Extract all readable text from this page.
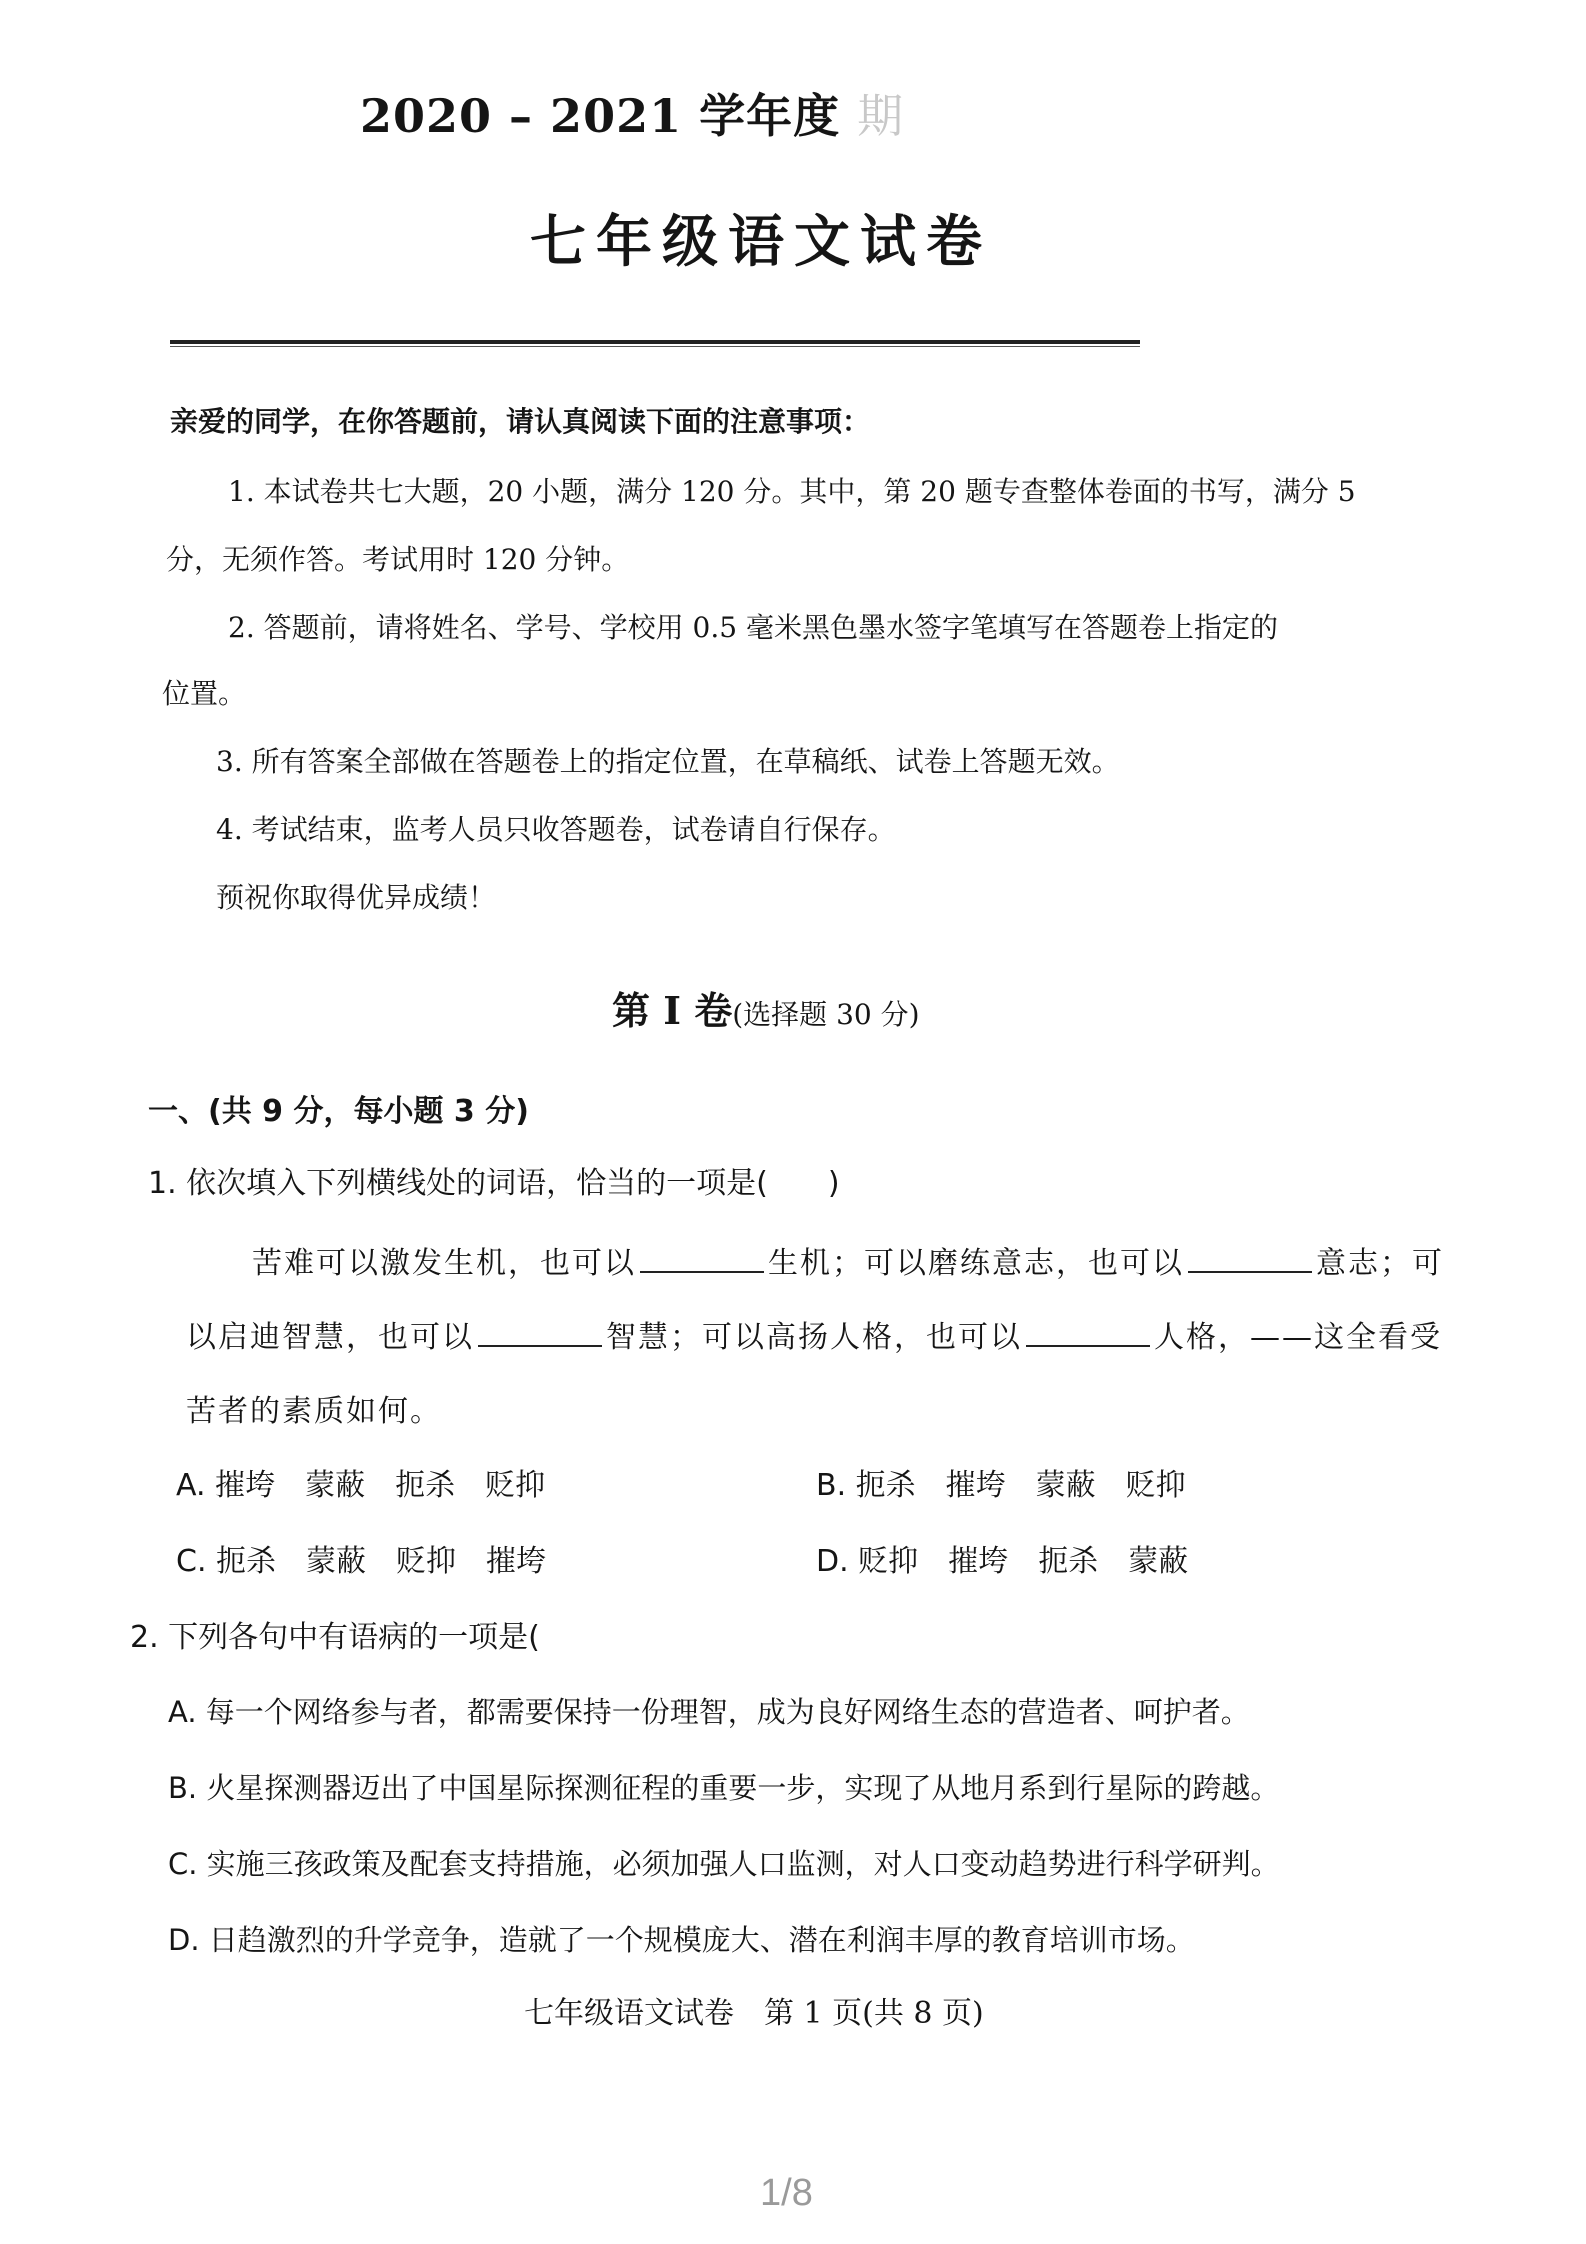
2020 – 2021 学年度 期
七年级语文试卷
亲爱的同学，在你答题前，请认真阅读下面的注意事项：
1. 本试卷共七大题，20 小题，满分 120 分。其中，第 20 题专查整体卷面的书写，满分 5
分，无须作答。考试用时 120 分钟。
2. 答题前，请将姓名、学号、学校用 0.5 毫米黑色墨水签字笔填写在答题卷上指定的
位置。
3. 所有答案全部做在答题卷上的指定位置，在草稿纸、试卷上答题无效。
4. 考试结束，监考人员只收答题卷，试卷请自行保存。
预祝你取得优异成绩！
第 I 卷(选择题 30 分)
一、(共 9 分，每小题 3 分)
1. 依次填入下列横线处的词语，恰当的一项是(　　)
苦难可以激发生机，也可以	生机；可以磨练意志，也可以	意志；可
以启迪智慧，也可以	智慧；可以高扬人格，也可以	人格，——这全看受
苦者的素质如何。
A. 摧垮 蒙蔽 扼杀 贬抑	B. 扼杀 摧垮 蒙蔽 贬抑
C. 扼杀 蒙蔽 贬抑 摧垮	D. 贬抑 摧垮 扼杀 蒙蔽
2. 下列各句中有语病的一项是(
A. 每一个网络参与者，都需要保持一份理智，成为良好网络生态的营造者、呵护者。
B. 火星探测器迈出了中国星际探测征程的重要一步，实现了从地月系到行星际的跨越。
C. 实施三孩政策及配套支持措施，必须加强人口监测，对人口变动趋势进行科学研判。
D. 日趋激烈的升学竞争，造就了一个规模庞大、潜在利润丰厚的教育培训市场。
七年级语文试卷　第 1 页(共 8 页)
1/8
